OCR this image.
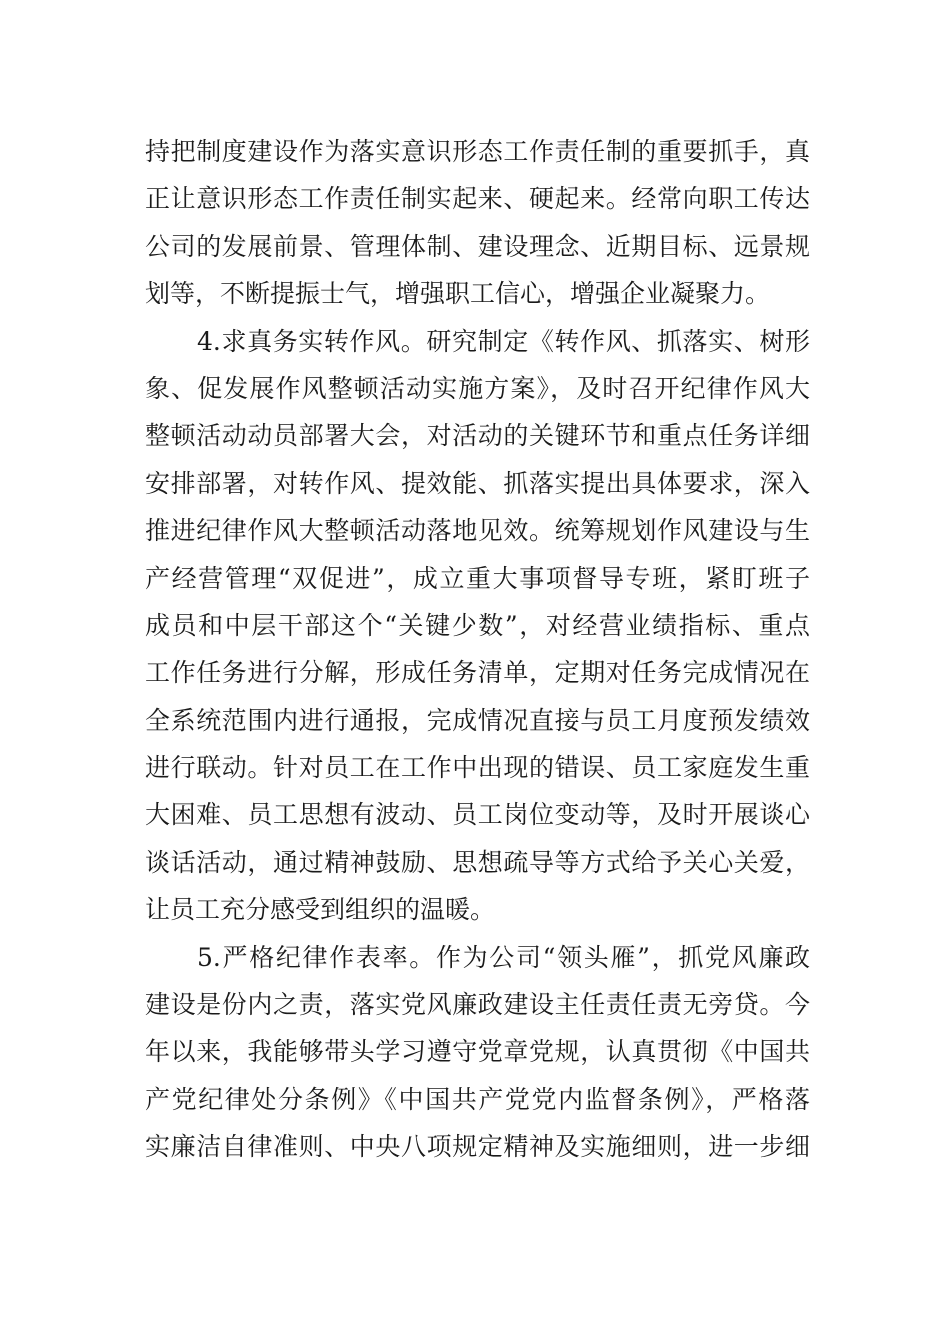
持把制度建设作为落实意识形态工作责任制的重要抓手，真
正让意识形态工作责任制实起来、硬起来。经常向职工传达
公司的发展前景、管理体制、建设理念、近期目标、远景规
划等，不断提振士气，增强职工信心，增强企业凝聚力。
4.求真务实转作风。研究制定《转作风、抓落实、树形
象、促发展作风整顿活动实施方案》，及时召开纪律作风大
整顿活动动员部署大会，对活动的关键环节和重点任务详细
安排部署，对转作风、提效能、抓落实提出具体要求，深入
推进纪律作风大整顿活动落地见效。统筹规划作风建设与生
产经营管理“双促进”，成立重大事项督导专班，紧盯班子
成员和中层干部这个“关键少数”，对经营业绩指标、重点
工作任务进行分解，形成任务清单，定期对任务完成情况在
全系统范围内进行通报，完成情况直接与员工月度预发绩效
进行联动。针对员工在工作中出现的错误、员工家庭发生重
大困难、员工思想有波动、员工岗位变动等，及时开展谈心
谈话活动，通过精神鼓励、思想疏导等方式给予关心关爱，
让员工充分感受到组织的温暖。
5.严格纪律作表率。作为公司“领头雁”，抓党风廉政
建设是份内之责，落实党风廉政建设主任责任责无旁贷。今
年以来，我能够带头学习遵守党章党规，认真贯彻《中国共
产党纪律处分条例》《中国共产党党内监督条例》，严格落
实廉洁自律准则、中央八项规定精神及实施细则，进一步细
